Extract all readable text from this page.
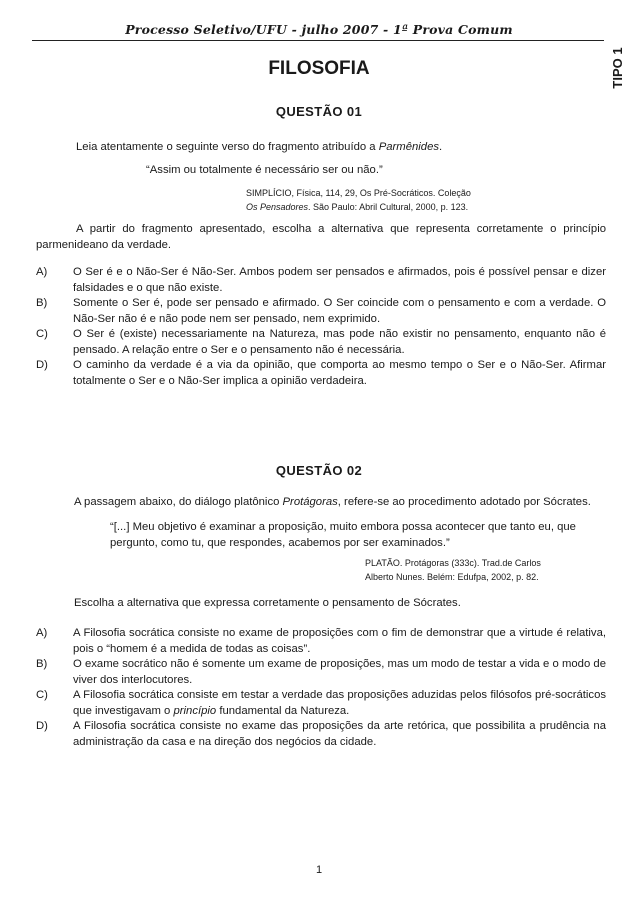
Processo Seletivo/UFU - julho 2007 - 1ª Prova Comum
TIPO 1
FILOSOFIA
QUESTÃO 01

Leia atentamente o seguinte verso do fragmento atribuído a Parmênides.

“Assim ou totalmente é necessário ser ou não.”

SIMPLÍCIO, Física, 114, 29, Os Pré-Socráticos. Coleção
Os Pensadores. São Paulo: Abril Cultural, 2000, p. 123.

A partir do fragmento apresentado, escolha a alternativa que representa corretamente o princípio parmenideano da verdade.

A) O Ser é e o Não-Ser é Não-Ser. Ambos podem ser pensados e afirmados, pois é possível pensar e dizer falsidades e o que não existe.
B) Somente o Ser é, pode ser pensado e afirmado. O Ser coincide com o pensamento e com a verdade. O Não-Ser não é e não pode nem ser pensado, nem exprimido.
C) O Ser é (existe) necessariamente na Natureza, mas pode não existir no pensamento, enquanto não é pensado. A relação entre o Ser e o pensamento não é necessária.
D) O caminho da verdade é a via da opinião, que comporta ao mesmo tempo o Ser e o Não-Ser. Afirmar totalmente o Ser e o Não-Ser implica a opinião verdadeira.
QUESTÃO 02

A passagem abaixo, do diálogo platônico Protágoras, refere-se ao procedimento adotado por Sócrates.

“[...] Meu objetivo é examinar a proposição, muito embora possa acontecer que tanto eu, que
pergunto, como tu, que respondes, acabemos por ser examinados.”
PLATÃO. Protágoras (333c). Trad.de Carlos
Alberto Nunes. Belém: Edufpa, 2002, p. 82.

Escolha a alternativa que expressa corretamente o pensamento de Sócrates.

A) A Filosofia socrática consiste no exame de proposições com o fim de demonstrar que a virtude é relativa, pois o “homem é a medida de todas as coisas”.
B) O exame socrático não é somente um exame de proposições, mas um modo de testar a vida e o modo de viver dos interlocutores.
C) A Filosofia socrática consiste em testar a verdade das proposições aduzidas pelos filósofos pré-socráticos que investigavam o princípio fundamental da Natureza.
D) A Filosofia socrática consiste no exame das proposições da arte retórica, que possibilita a prudência na administração da casa e na direção dos negócios da cidade.
1
